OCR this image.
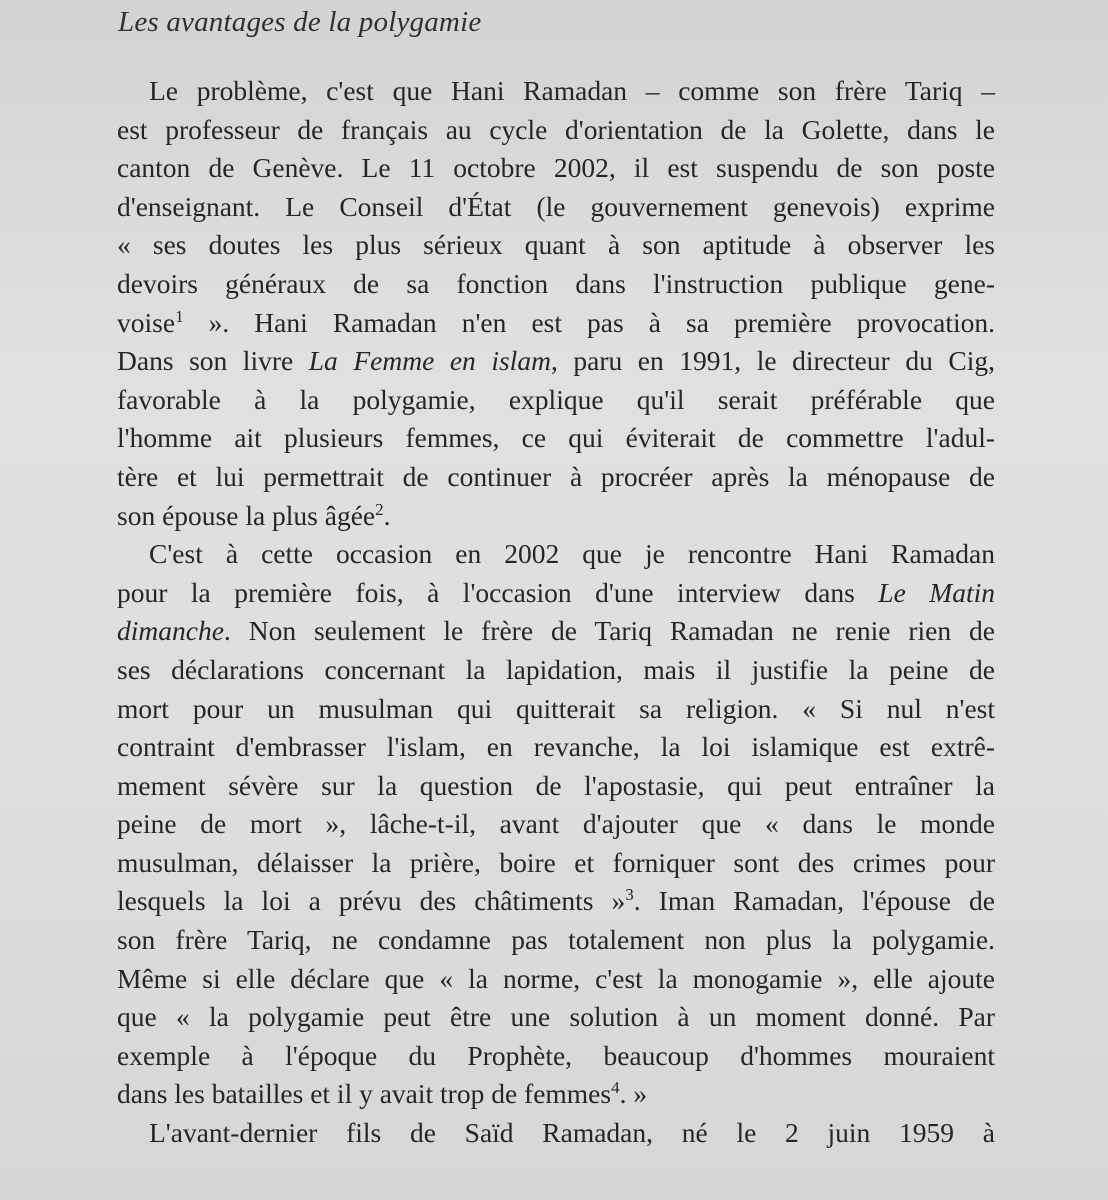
Les avantages de la polygamie
Le problème, c'est que Hani Ramadan – comme son frère Tariq –
est professeur de français au cycle d'orientation de la Golette, dans le
canton de Genève. Le 11 octobre 2002, il est suspendu de son poste
d'enseignant. Le Conseil d'État (le gouvernement genevois) exprime
« ses doutes les plus sérieux quant à son aptitude à observer les
devoirs généraux de sa fonction dans l'instruction publique gene-
voise$^1$ ». Hani Ramadan n'en est pas à sa première provocation.
Dans son livre La Femme en islam, paru en 1991, le directeur du Cig,
favorable à la polygamie, explique qu'il serait préférable que
l'homme ait plusieurs femmes, ce qui éviterait de commettre l'adul-
tère et lui permettrait de continuer à procréer après la ménopause de
son épouse la plus âgée$^2$.
C'est à cette occasion en 2002 que je rencontre Hani Ramadan
pour la première fois, à l'occasion d'une interview dans Le Matin
dimanche. Non seulement le frère de Tariq Ramadan ne renie rien de
ses déclarations concernant la lapidation, mais il justifie la peine de
mort pour un musulman qui quitterait sa religion. « Si nul n'est
contraint d'embrasser l'islam, en revanche, la loi islamique est extrê-
mement sévère sur la question de l'apostasie, qui peut entraîner la
peine de mort », lâche-t-il, avant d'ajouter que « dans le monde
musulman, délaisser la prière, boire et forniquer sont des crimes pour
lesquels la loi a prévu des châtiments »$^3$. Iman Ramadan, l'épouse de
son frère Tariq, ne condamne pas totalement non plus la polygamie.
Même si elle déclare que « la norme, c'est la monogamie », elle ajoute
que « la polygamie peut être une solution à un moment donné. Par
exemple à l'époque du Prophète, beaucoup d'hommes mouraient
dans les batailles et il y avait trop de femmes$^4$. »
L'avant-dernier fils de Saïd Ramadan, né le 2 juin 1959 à
